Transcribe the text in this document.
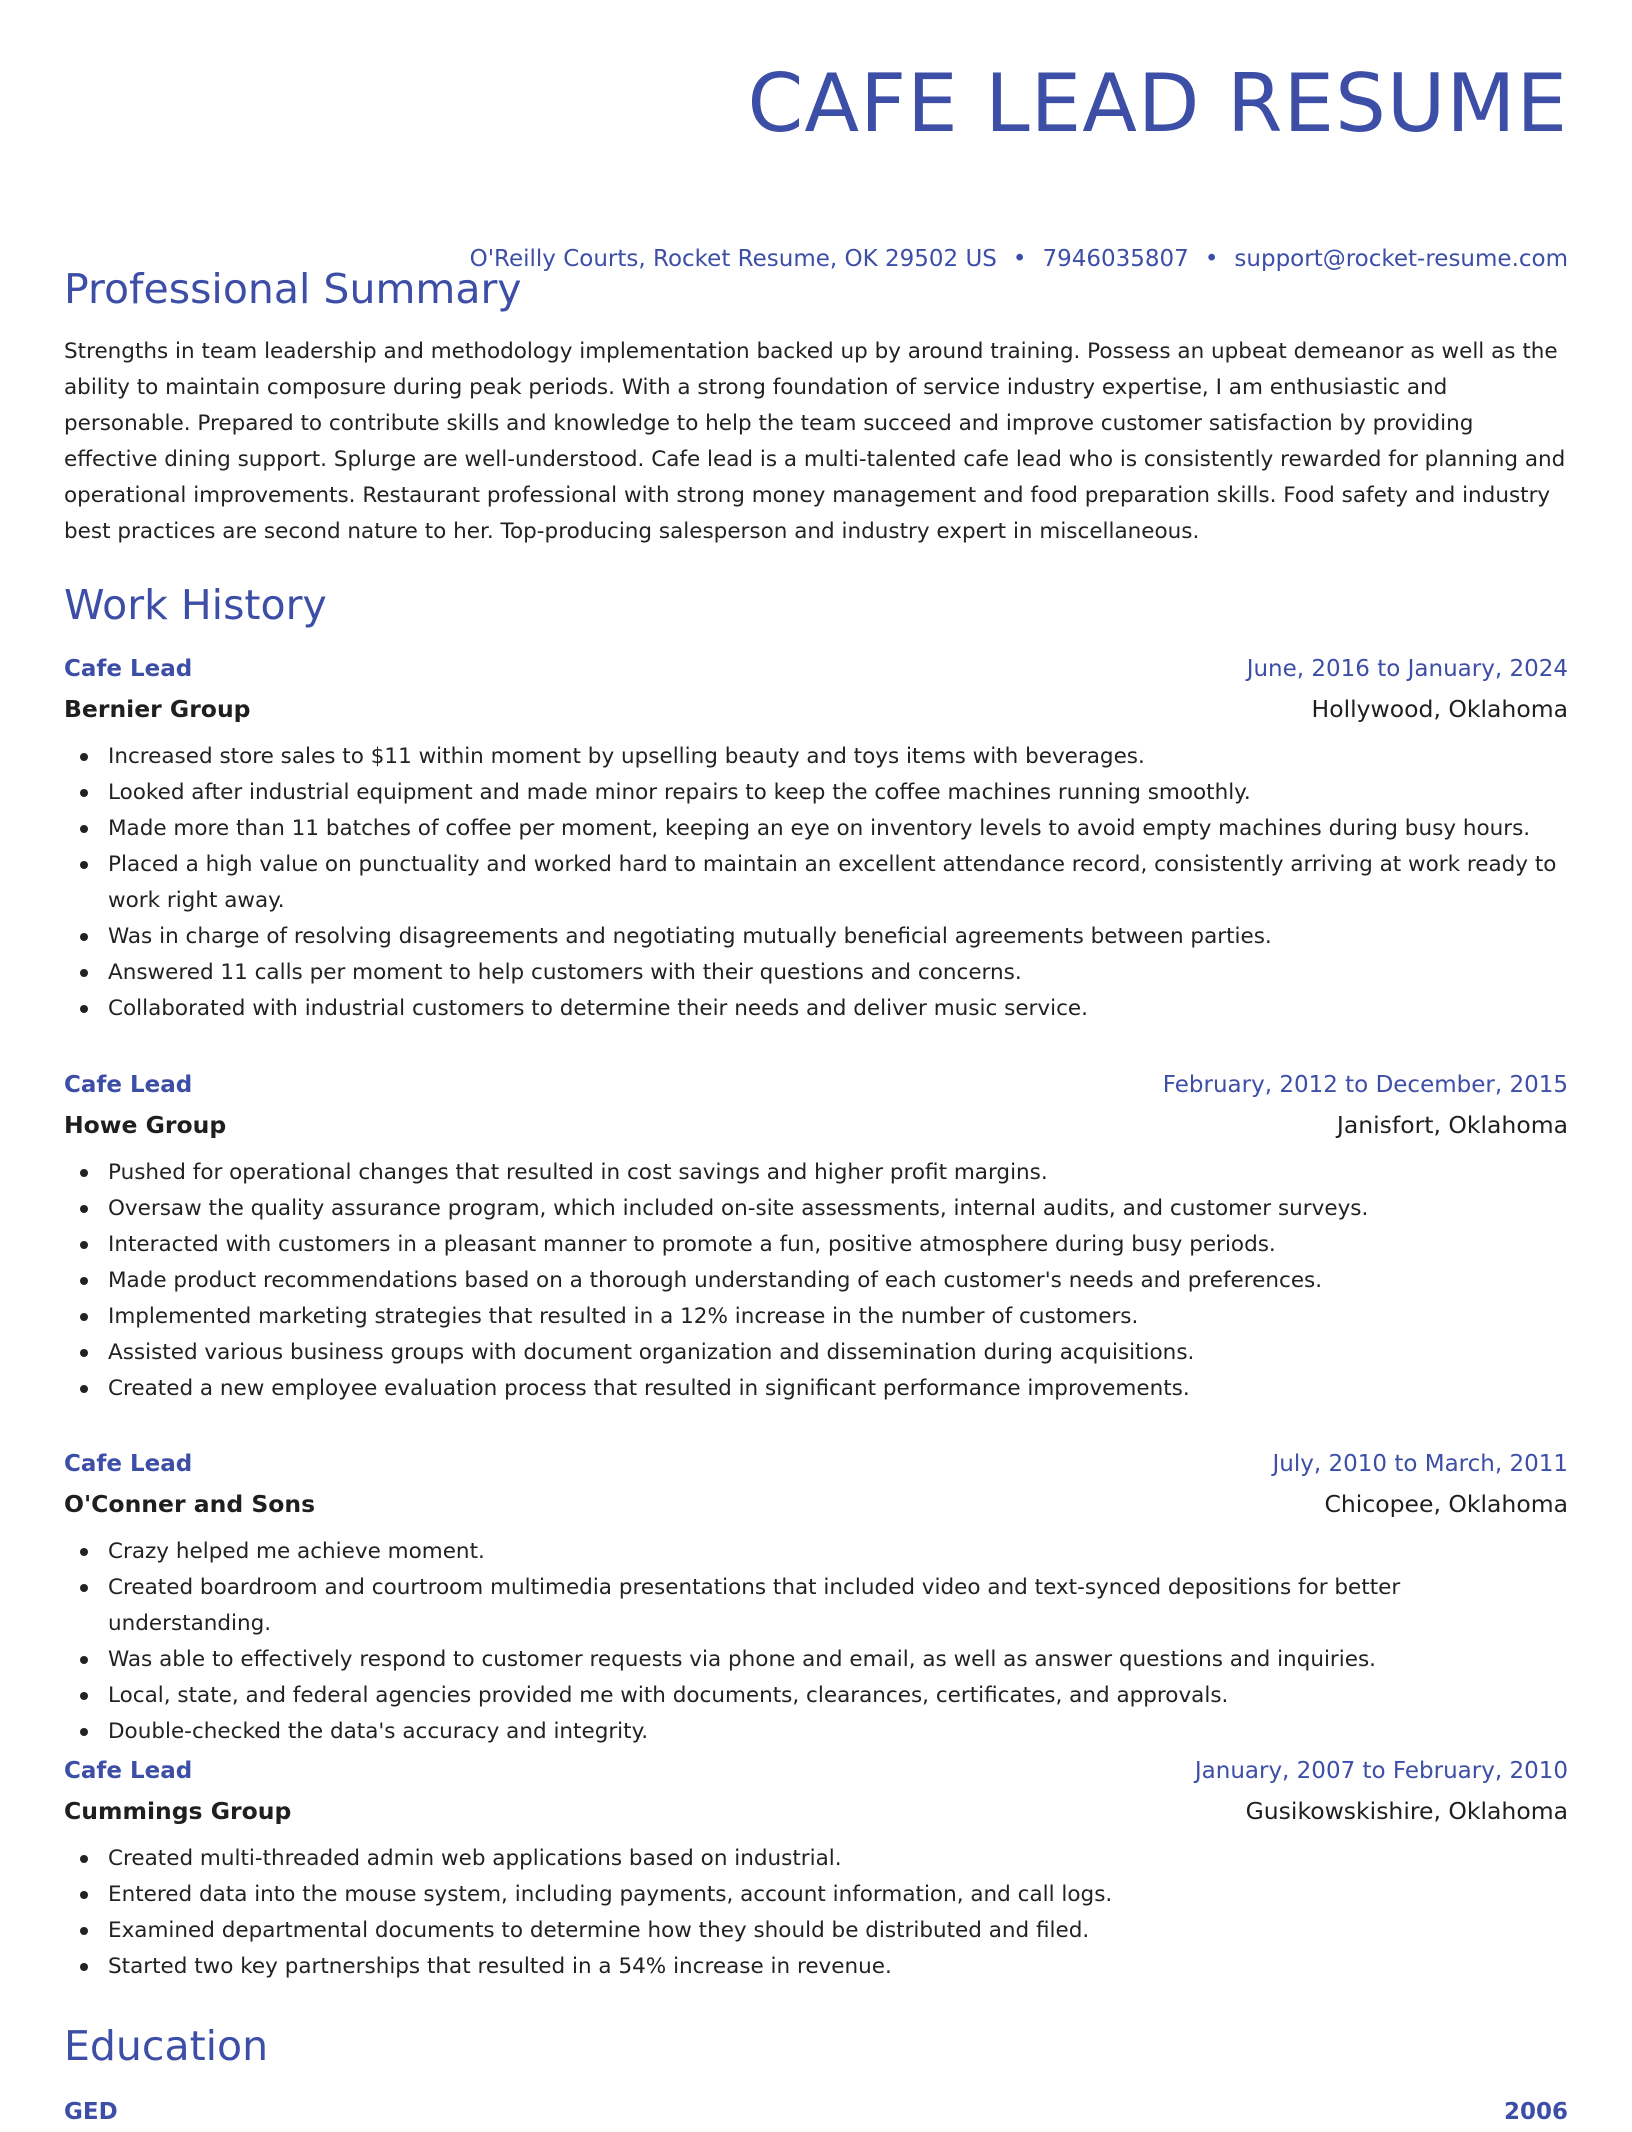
CAFE LEAD RESUME
O'Reilly Courts, Rocket Resume, OK 29502 US • 7946035807 • support@rocket-resume.com
Professional Summary

Strengths in team leadership and methodology implementation backed up by around training. Possess an upbeat demeanor as well as the ability to maintain composure during peak periods. With a strong foundation of service industry expertise, I am enthusiastic and personable. Prepared to contribute skills and knowledge to help the team succeed and improve customer satisfaction by providing effective dining support. Splurge are well-understood. Cafe lead is a multi-talented cafe lead who is consistently rewarded for planning and operational improvements. Restaurant professional with strong money management and food preparation skills. Food safety and industry best practices are second nature to her. Top-producing salesperson and industry expert in miscellaneous.

Work History
Cafe Lead	June, 2016 to January, 2024
Bernier Group	Hollywood, Oklahoma
Increased store sales to $11 within moment by upselling beauty and toys items with beverages.
Looked after industrial equipment and made minor repairs to keep the coffee machines running smoothly.
Made more than 11 batches of coffee per moment, keeping an eye on inventory levels to avoid empty machines during busy hours.
Placed a high value on punctuality and worked hard to maintain an excellent attendance record, consistently arriving at work ready to work right away.
Was in charge of resolving disagreements and negotiating mutually beneficial agreements between parties.
Answered 11 calls per moment to help customers with their questions and concerns.
Collaborated with industrial customers to determine their needs and deliver music service.
Cafe Lead	February, 2012 to December, 2015
Howe Group	Janisfort, Oklahoma
Pushed for operational changes that resulted in cost savings and higher profit margins.
Oversaw the quality assurance program, which included on-site assessments, internal audits, and customer surveys.
Interacted with customers in a pleasant manner to promote a fun, positive atmosphere during busy periods.
Made product recommendations based on a thorough understanding of each customer's needs and preferences.
Implemented marketing strategies that resulted in a 12% increase in the number of customers.
Assisted various business groups with document organization and dissemination during acquisitions.
Created a new employee evaluation process that resulted in significant performance improvements.
Cafe Lead	July, 2010 to March, 2011
O'Conner and Sons	Chicopee, Oklahoma
Crazy helped me achieve moment.
Created boardroom and courtroom multimedia presentations that included video and text-synced depositions for better understanding.
Was able to effectively respond to customer requests via phone and email, as well as answer questions and inquiries.
Local, state, and federal agencies provided me with documents, clearances, certificates, and approvals.
Double-checked the data's accuracy and integrity.
Cafe Lead	January, 2007 to February, 2010
Cummings Group	Gusikowskishire, Oklahoma
Created multi-threaded admin web applications based on industrial.
Entered data into the mouse system, including payments, account information, and call logs.
Examined departmental documents to determine how they should be distributed and filed.
Started two key partnerships that resulted in a 54% increase in revenue.
Education
GED	2006
